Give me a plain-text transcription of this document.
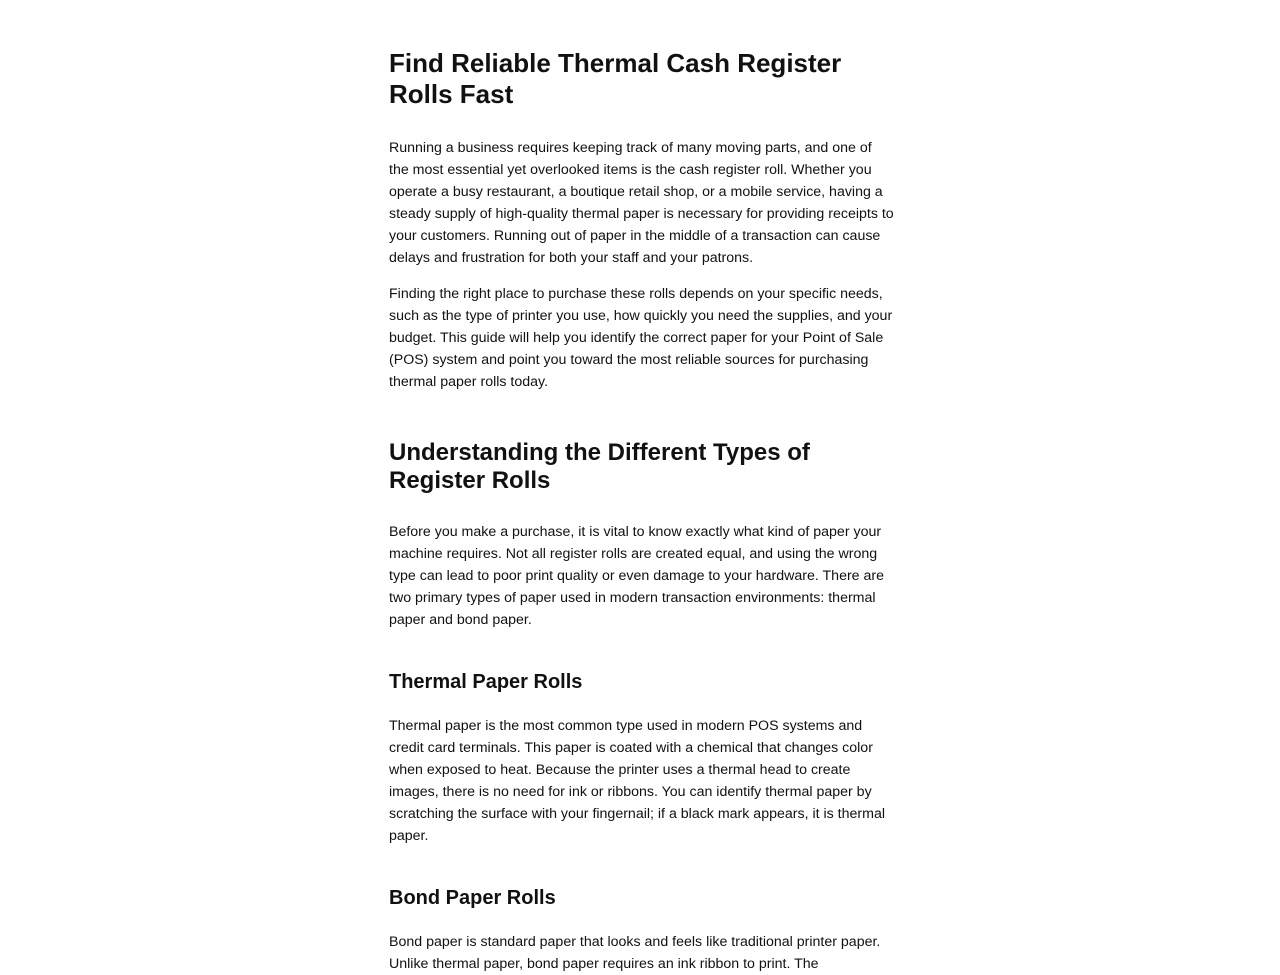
Find Reliable Thermal Cash Register Rolls Fast

Running a business requires keeping track of many moving parts, and one of the most essential yet overlooked items is the cash register roll. Whether you operate a busy restaurant, a boutique retail shop, or a mobile service, having a steady supply of high-quality thermal paper is necessary for providing receipts to your customers. Running out of paper in the middle of a transaction can cause delays and frustration for both your staff and your patrons.

Finding the right place to purchase these rolls depends on your specific needs, such as the type of printer you use, how quickly you need the supplies, and your budget. This guide will help you identify the correct paper for your Point of Sale (POS) system and point you toward the most reliable sources for purchasing thermal paper rolls today.

Understanding the Different Types of Register Rolls

Before you make a purchase, it is vital to know exactly what kind of paper your machine requires. Not all register rolls are created equal, and using the wrong type can lead to poor print quality or even damage to your hardware. There are two primary types of paper used in modern transaction environments: thermal paper and bond paper.

Thermal Paper Rolls

Thermal paper is the most common type used in modern POS systems and credit card terminals. This paper is coated with a chemical that changes color when exposed to heat. Because the printer uses a thermal head to create images, there is no need for ink or ribbons. You can identify thermal paper by scratching the surface with your fingernail; if a black mark appears, it is thermal paper.

Bond Paper Rolls

Bond paper is standard paper that looks and feels like traditional printer paper. Unlike thermal paper, bond paper requires an ink ribbon to print. The
